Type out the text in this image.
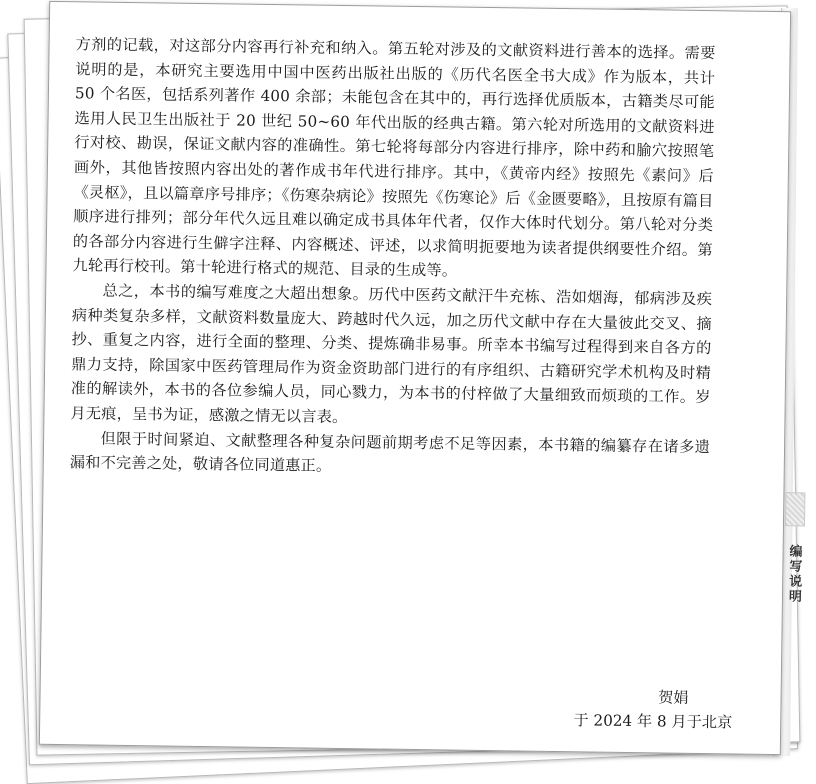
方剂的记载，对这部分内容再行补充和纳入。第五轮对涉及的文献资料进行善本的选择。需要说明的是，本研究主要选用中国中医药出版社出版的《历代名医全书大成》作为版本，共计 50 个名医，包括系列著作 400 余部；未能包含在其中的，再行选择优质版本，古籍类尽可能选用人民卫生出版社于 20 世纪 50~60 年代出版的经典古籍。第六轮对所选用的文献资料进行对校、勘误，保证文献内容的准确性。第七轮将每部分内容进行排序，除中药和腧穴按照笔画外，其他皆按照内容出处的著作成书年代进行排序。其中，《黄帝内经》按照先《素问》后《灵枢》，且以篇章序号排序；《伤寒杂病论》按照先《伤寒论》后《金匮要略》，且按原有篇目顺序进行排列；部分年代久远且难以确定成书具体年代者，仅作大体时代划分。第八轮对分类的各部分内容进行生僻字注释、内容概述、评述，以求简明扼要地为读者提供纲要性介绍。第九轮再行校刊。第十轮进行格式的规范、目录的生成等。

总之，本书的编写难度之大超出想象。历代中医药文献汗牛充栋、浩如烟海，郁病涉及疾病种类复杂多样，文献资料数量庞大、跨越时代久远，加之历代文献中存在大量彼此交叉、摘抄、重复之内容，进行全面的整理、分类、提炼确非易事。所幸本书编写过程得到来自各方的鼎力支持，除国家中医药管理局作为资金资助部门进行的有序组织、古籍研究学术机构及时精准的解读外，本书的各位参编人员，同心戮力，为本书的付梓做了大量细致而烦琐的工作。岁月无痕，呈书为证，感激之情无以言表。

但限于时间紧迫、文献整理各种复杂问题前期考虑不足等因素，本书籍的编纂存在诸多遗漏和不完善之处，敬请各位同道惠正。

贺娟
于 2024 年 8 月于北京
编写说明
